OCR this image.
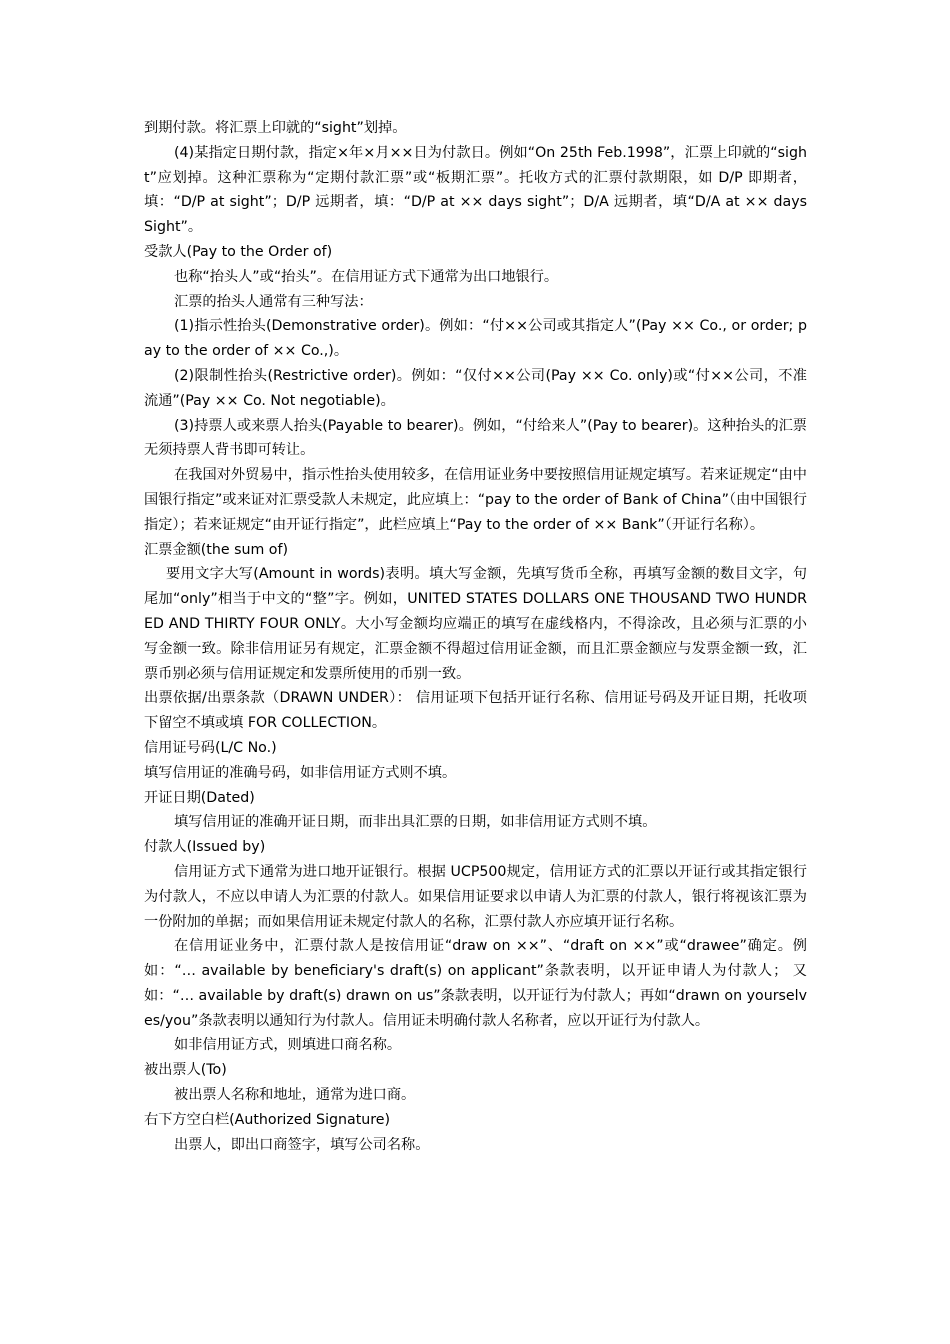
到期付款。将汇票上印就的“sight”划掉。

(4)某指定日期付款，指定×年×月××日为付款日。例如“On 25th Feb.1998”，汇票上印就的“sight”应划掉。这种汇票称为“定期付款汇票”或“板期汇票”。托收方式的汇票付款期限，如 D/P 即期者，填：“D/P at sight”；D/P 远期者，填：“D/P at ×× days sight”；D/A 远期者，填“D/A at ×× days Sight”。

受款人(Pay to the Order of)

也称“抬头人”或“抬头”。在信用证方式下通常为出口地银行。

汇票的抬头人通常有三种写法：

(1)指示性抬头(Demonstrative order)。例如：“付××公司或其指定人”(Pay ×× Co., or order; pay to the order of ×× Co.,)。

(2)限制性抬头(Restrictive order)。例如：“仅付××公司(Pay ×× Co. only)或“付××公司，不准流通”(Pay ×× Co. Not negotiable)。

(3)持票人或来票人抬头(Payable to bearer)。例如，“付给来人”(Pay to bearer)。这种抬头的汇票无须持票人背书即可转让。

在我国对外贸易中，指示性抬头使用较多，在信用证业务中要按照信用证规定填写。若来证规定“由中国银行指定”或来证对汇票受款人未规定，此应填上：“pay to the order of Bank of China”（由中国银行指定）；若来证规定“由开证行指定”，此栏应填上“Pay to the order of ×× Bank”（开证行名称）。

汇票金额(the sum of)

要用文字大写(Amount in words)表明。填大写金额，先填写货币全称，再填写金额的数目文字，句尾加“only”相当于中文的“整”字。例如，UNITED STATES DOLLARS ONE THOUSAND TWO HUNDRED AND THIRTY FOUR ONLY。大小写金额均应端正的填写在虚线格内，不得涂改，且必须与汇票的小写金额一致。除非信用证另有规定，汇票金额不得超过信用证金额，而且汇票金额应与发票金额一致，汇票币别必须与信用证规定和发票所使用的币别一致。

出票依据/出票条款（DRAWN UNDER）： 信用证项下包括开证行名称、信用证号码及开证日期，托收项下留空不填或填 FOR COLLECTION。

信用证号码(L/C No.)

填写信用证的准确号码，如非信用证方式则不填。

开证日期(Dated)

填写信用证的准确开证日期，而非出具汇票的日期，如非信用证方式则不填。

付款人(Issued by)

信用证方式下通常为进口地开证银行。根据 UCP500规定，信用证方式的汇票以开证行或其指定银行为付款人，不应以申请人为汇票的付款人。如果信用证要求以申请人为汇票的付款人，银行将视该汇票为一份附加的单据；而如果信用证未规定付款人的名称，汇票付款人亦应填开证行名称。

在信用证业务中，汇票付款人是按信用证“draw on ××”、“draft on ××”或“drawee”确定。例如：“… available by beneficiary's draft(s) on applicant”条款表明，以开证申请人为付款人； 又如：“… available by draft(s) drawn on us”条款表明，以开证行为付款人；再如“drawn on yourselves/you”条款表明以通知行为付款人。信用证未明确付款人名称者，应以开证行为付款人。

如非信用证方式，则填进口商名称。

被出票人(To)

被出票人名称和地址，通常为进口商。

右下方空白栏(Authorized Signature)

出票人，即出口商签字，填写公司名称。
